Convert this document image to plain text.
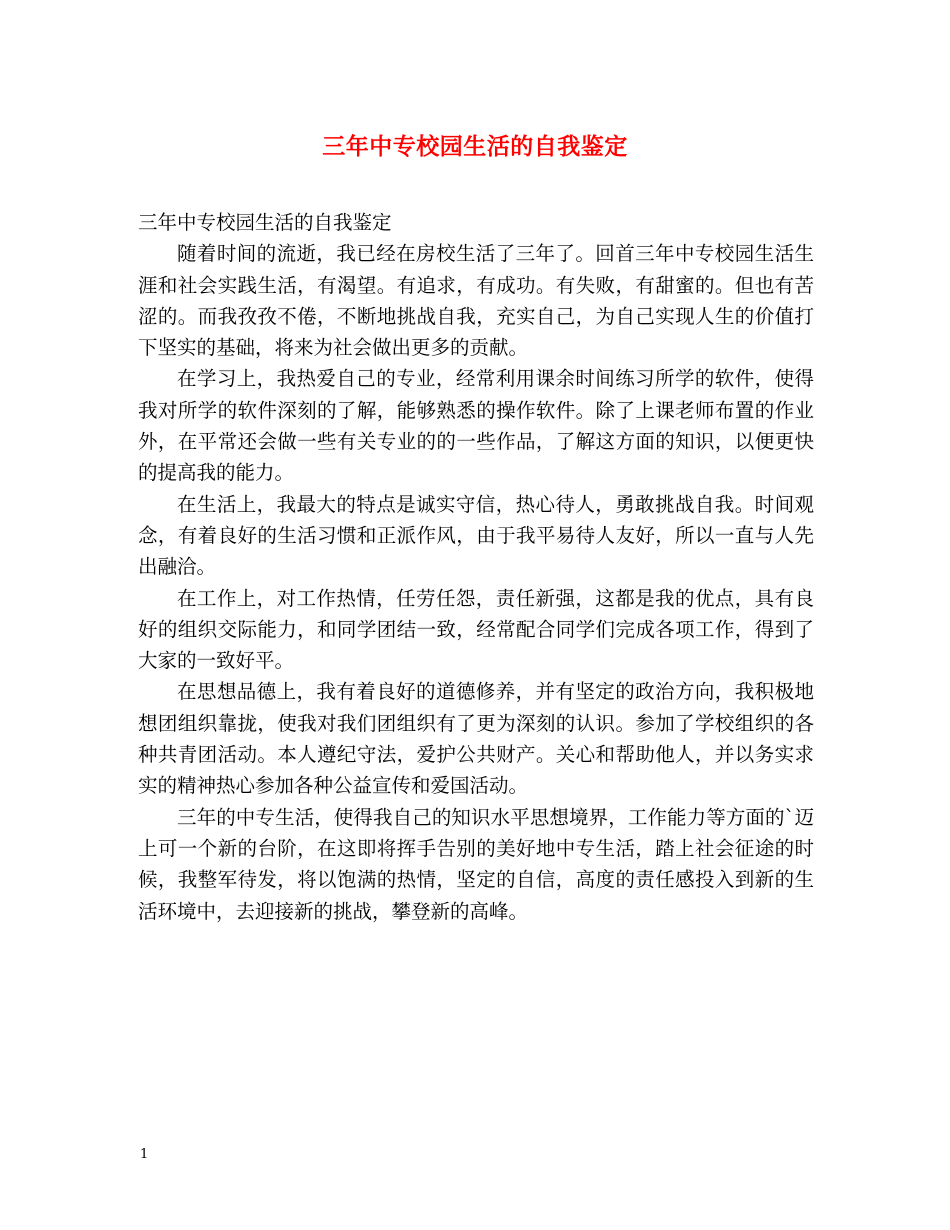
三年中专校园生活的自我鉴定

三年中专校园生活的自我鉴定

随着时间的流逝，我已经在房校生活了三年了。回首三年中专校园生活生涯和社会实践生活，有渴望。有追求，有成功。有失败，有甜蜜的。但也有苦涩的。而我孜孜不倦，不断地挑战自我，充实自己，为自己实现人生的价值打下坚实的基础，将来为社会做出更多的贡献。

在学习上，我热爱自己的专业，经常利用课余时间练习所学的软件，使得我对所学的软件深刻的了解，能够熟悉的操作软件。除了上课老师布置的作业外，在平常还会做一些有关专业的的一些作品，了解这方面的知识，以便更快的提高我的能力。

在生活上，我最大的特点是诚实守信，热心待人，勇敢挑战自我。时间观念，有着良好的生活习惯和正派作风，由于我平易待人友好，所以一直与人先出融洽。

在工作上，对工作热情，任劳任怨，责任新强，这都是我的优点，具有良好的组织交际能力，和同学团结一致，经常配合同学们完成各项工作，得到了大家的一致好平。

在思想品德上，我有着良好的道德修养，并有坚定的政治方向，我积极地想团组织靠拢，使我对我们团组织有了更为深刻的认识。参加了学校组织的各种共青团活动。本人遵纪守法，爱护公共财产。关心和帮助他人，并以务实求实的精神热心参加各种公益宣传和爱国活动。

三年的中专生活，使得我自己的知识水平思想境界，工作能力等方面的`迈上可一个新的台阶，在这即将挥手告别的美好地中专生活，踏上社会征途的时候，我整军待发，将以饱满的热情，坚定的自信，高度的责任感投入到新的生活环境中，去迎接新的挑战，攀登新的高峰。

1
